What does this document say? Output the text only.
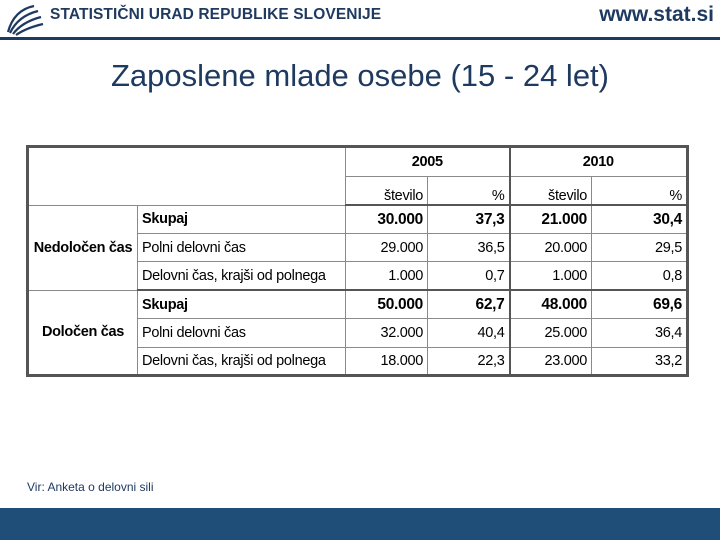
STATISTIČNI URAD REPUBLIKE SLOVENIJE	www.stat.si
Zaposlene mlade osebe (15 - 24 let)
		2005		2010	
		število	%	število	%
Nedoločen čas	Skupaj	30.000	37,3	21.000	30,4
	Polni delovni čas	29.000	36,5	20.000	29,5
	Delovni čas, krajši od polnega	1.000	0,7	1.000	0,8
Določen čas	Skupaj	50.000	62,7	48.000	69,6
	Polni delovni čas	32.000	40,4	25.000	36,4
	Delovni čas, krajši od polnega	18.000	22,3	23.000	33,2
Vir: Anketa o delovni sili
